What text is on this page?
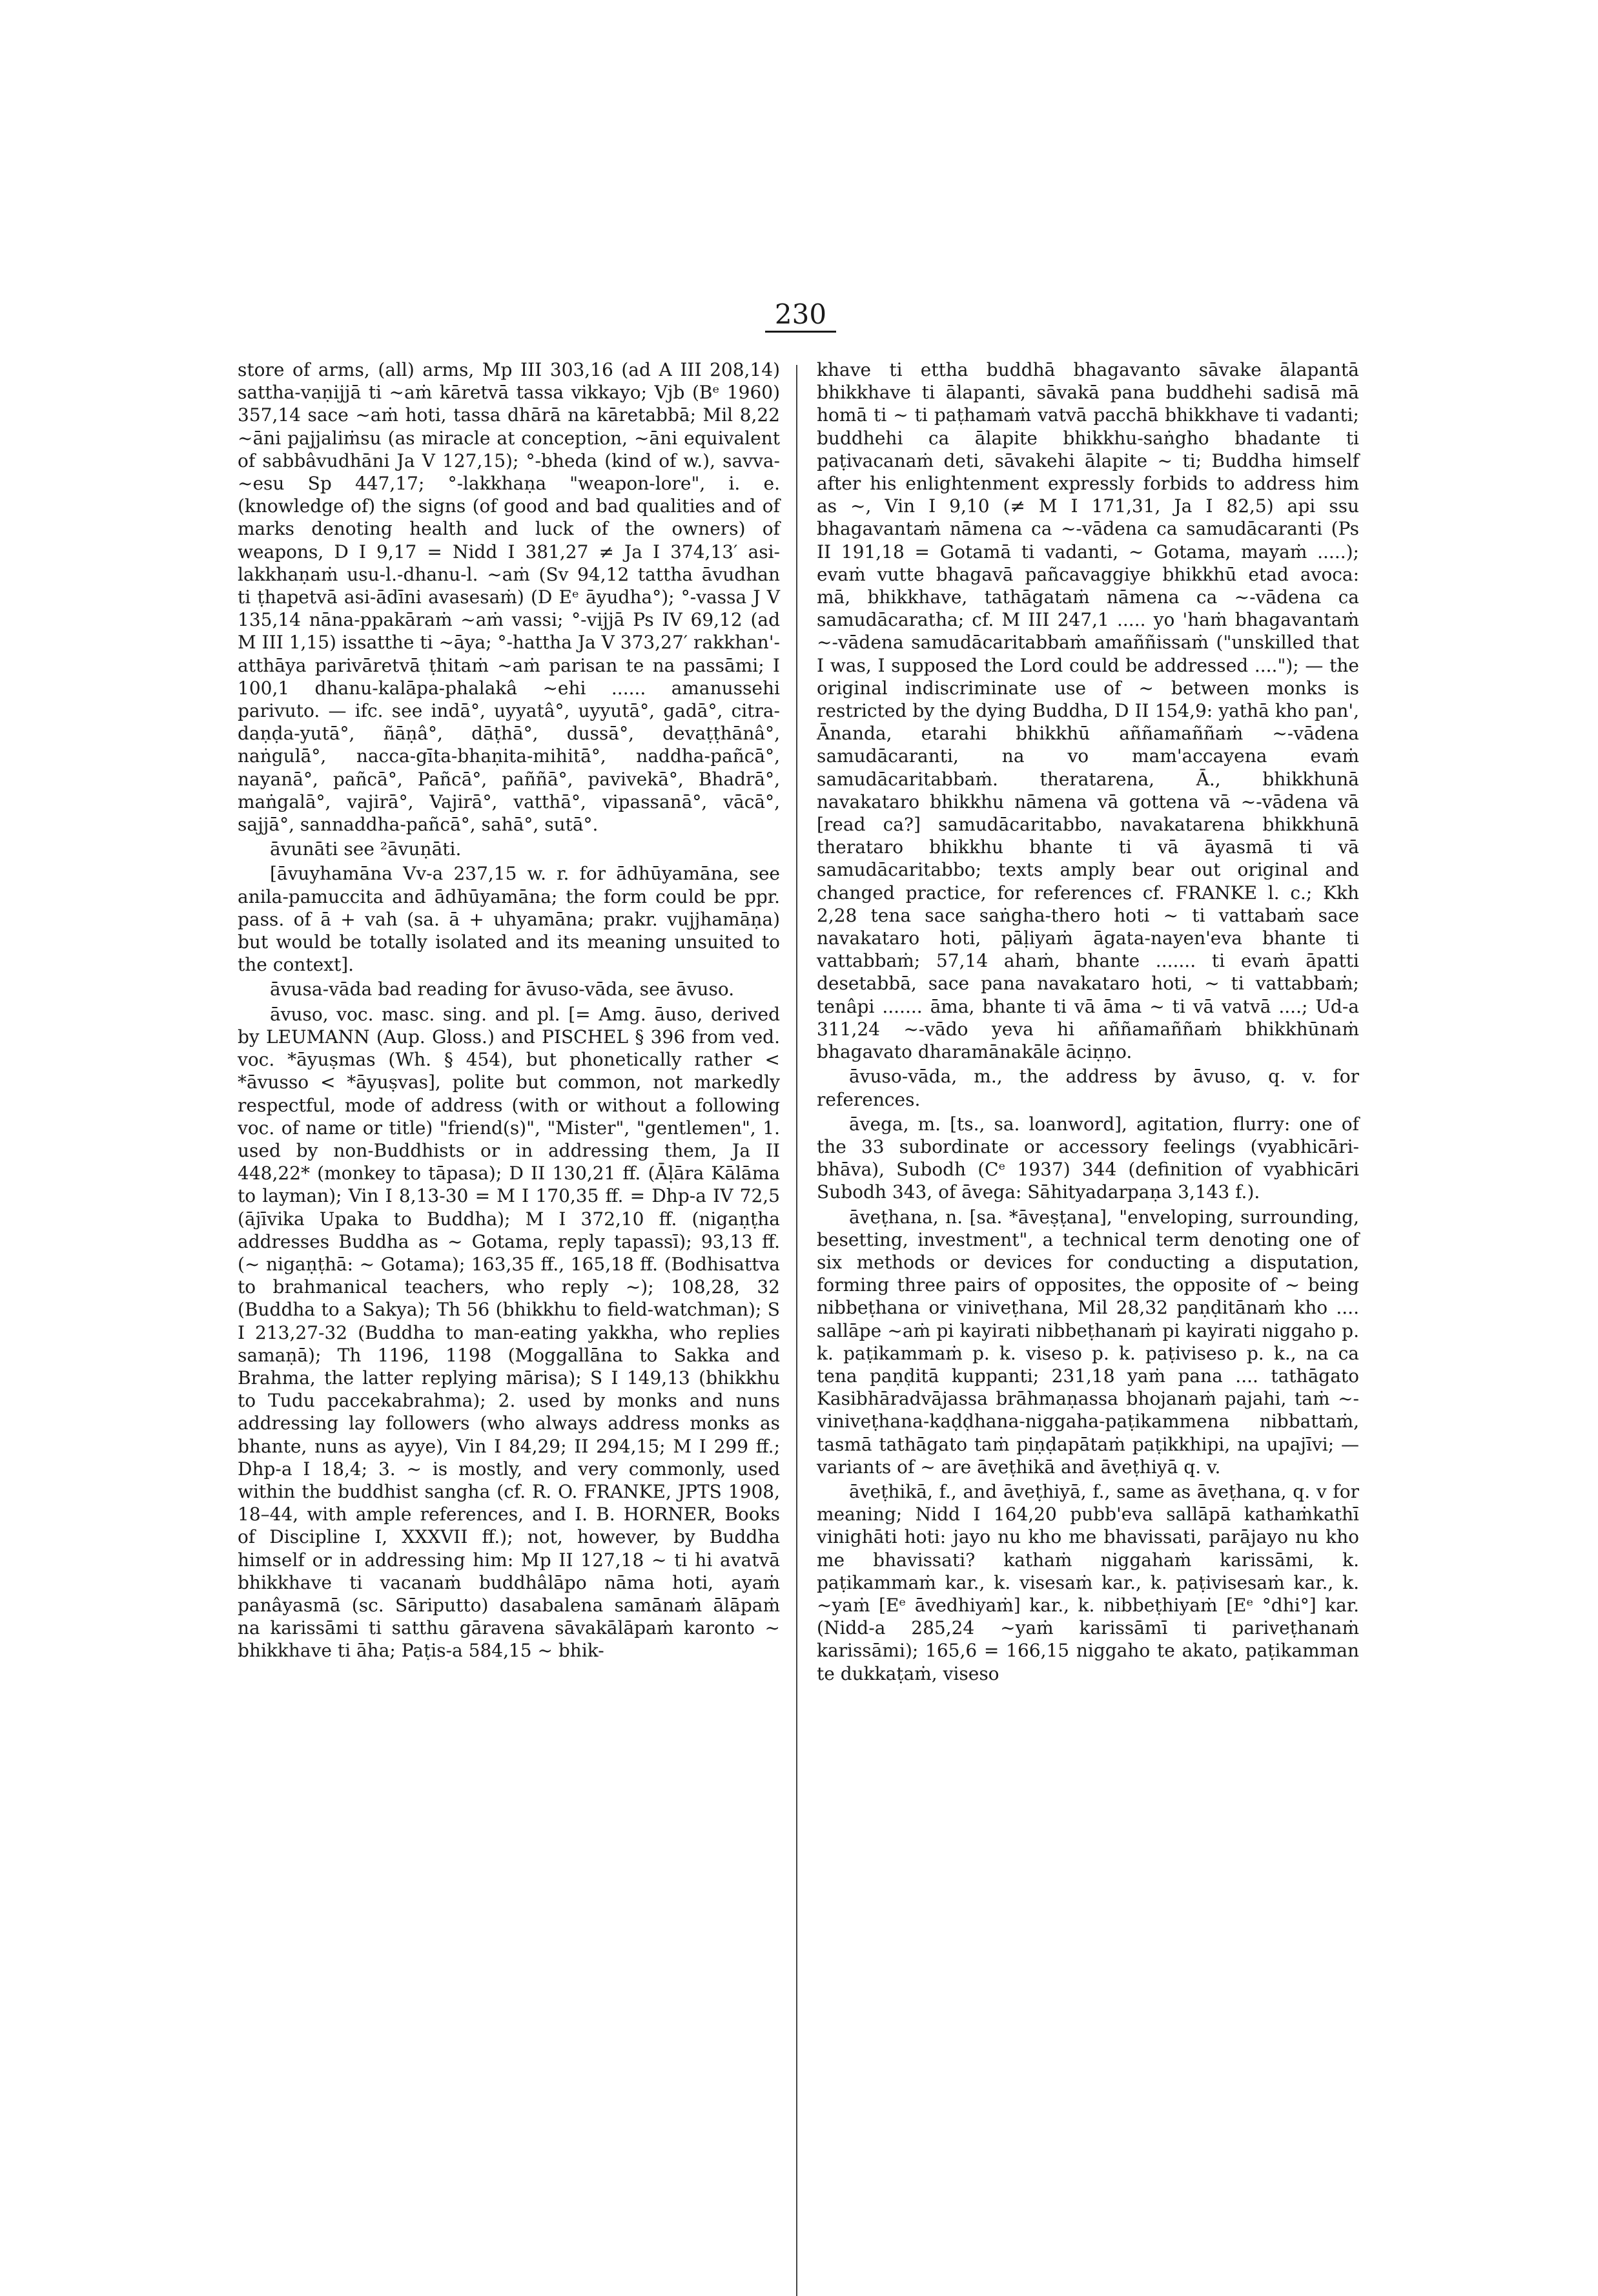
230

store of arms, (all) arms, Mp III 303,16 (ad A III 208,14) sattha-vaṇijjā ti ~aṁ kāretvā tassa vikkayo; Vjb (Bᵉ 1960) 357,14 sace ~aṁ hoti, tassa dhārā na kāretabbā; Mil 8,22 ~āni pajjaliṁsu (as miracle at conception, ~āni equivalent of sabbâvudhāni Ja V 127,15); °-bheda (kind of w.), savva-~esu Sp 447,17; °-lakkhaṇa "weapon-lore", i. e. (knowledge of) the signs (of good and bad qualities and of marks denoting health and luck of the owners) of weapons, D I 9,17 = Nidd I 381,27 ≠ Ja I 374,13′ asi-lakkhaṇaṁ usu-l.-dhanu-l. ~aṁ (Sv 94,12 tattha āvudhan ti ṭhapetvā asi-ādīni avasesaṁ) (D Eᵉ āyudha°); °-vassa J V 135,14 nāna-ppakāraṁ ~aṁ vassi; °-vijjā Ps IV 69,12 (ad M III 1,15) issatthe ti ~āya; °-hattha Ja V 373,27′ rakkhan'-atthāya parivāretvā ṭhitaṁ ~aṁ parisan te na passāmi; I 100,1 dhanu-kalāpa-phalakâ ~ehi ...... amanussehi parivuto. — ifc. see indā°, uyyatâ°, uyyutā°, gadā°, citra-daṇḍa-yutā°, ñāṇâ°, dāṭhā°, dussā°, devaṭṭhānâ°, naṅgulā°, nacca-gīta-bhaṇita-mihitā°, naddha-pañcā°, nayanā°, pañcā°, Pañcā°, paññā°, pavivekā°, Bhadrā°, maṅgalā°, vajirā°, Vajirā°, vatthā°, vipassanā°, vācā°, sajjā°, sannaddha-pañcā°, sahā°, sutā°.

āvunāti see ²āvuṇāti.

[āvuyhamāna Vv-a 237,15 w. r. for ādhūyamāna, see anila-pamuccita and ādhūyamāna; the form could be ppr. pass. of ā + vah (sa. ā + uhyamāna; prakr. vujjhamāṇa) but would be totally isolated and its meaning unsuited to the context].

āvusa-vāda bad reading for āvuso-vāda, see āvuso.

āvuso, voc. masc. sing. and pl. [= Amg. āuso, derived by LEUMANN (Aup. Gloss.) and PISCHEL § 396 from ved. voc. *āyuṣmas (Wh. § 454), but phonetically rather < *āvusso < *āyuṣvas], polite but common, not markedly respectful, mode of address (with or without a following voc. of name or title) "friend(s)", "Mister", "gentlemen", 1. used by non-Buddhists or in addressing them, Ja II 448,22* (monkey to tāpasa); D II 130,21 ff. (Āḷāra Kālāma to layman); Vin I 8,13-30 = M I 170,35 ff. = Dhp-a IV 72,5 (ājīvika Upaka to Buddha); M I 372,10 ff. (nigaṇṭha addresses Buddha as ~ Gotama, reply tapassī); 93,13 ff. (~ nigaṇṭhā: ~ Gotama); 163,35 ff., 165,18 ff. (Bodhisattva to brahmanical teachers, who reply ~); 108,28, 32 (Buddha to a Sakya); Th 56 (bhikkhu to field-watchman); S I 213,27-32 (Buddha to man-eating yakkha, who replies samaṇā); Th 1196, 1198 (Moggallāna to Sakka and Brahma, the latter replying mārisa); S I 149,13 (bhikkhu to Tudu paccekabrahma); 2. used by monks and nuns addressing lay followers (who always address monks as bhante, nuns as ayye), Vin I 84,29; II 294,15; M I 299 ff.; Dhp-a I 18,4; 3. ~ is mostly, and very commonly, used within the buddhist sangha (cf. R. O. FRANKE, JPTS 1908, 18–44, with ample references, and I. B. HORNER, Books of Discipline I, XXXVII ff.); not, however, by Buddha himself or in addressing him: Mp II 127,18 ~ ti hi avatvā bhikkhave ti vacanaṁ buddhâlāpo nāma hoti, ayaṁ panâyasmā (sc. Sāriputto) dasabalena samānaṁ ālāpaṁ na karissāmi ti satthu gāravena sāvakālāpaṁ karonto ~ bhikkhave ti āha; Paṭis-a 584,15 ~ bhik-

khave ti ettha buddhā bhagavanto sāvake ālapantā bhikkhave ti ālapanti, sāvakā pana buddhehi sadisā mā homā ti ~ ti paṭhamaṁ vatvā pacchā bhikkhave ti vadanti; buddhehi ca ālapite bhikkhu-saṅgho bhadante ti paṭivacanaṁ deti, sāvakehi ālapite ~ ti; Buddha himself after his enlightenment expressly forbids to address him as ~, Vin I 9,10 (≠ M I 171,31, Ja I 82,5) api ssu bhagavantaṁ nāmena ca ~-vādena ca samudācaranti (Ps II 191,18 = Gotamā ti vadanti, ~ Gotama, mayaṁ .....); evaṁ vutte bhagavā pañcavaggiye bhikkhū etad avoca: mā, bhikkhave, tathāgataṁ nāmena ca ~-vādena ca samudācaratha; cf. M III 247,1 ..... yo 'haṁ bhagavantaṁ ~-vādena samudācaritabbaṁ amaññissaṁ ("unskilled that I was, I supposed the Lord could be addressed ...."); — the original indiscriminate use of ~ between monks is restricted by the dying Buddha, D II 154,9: yathā kho pan', Ānanda, etarahi bhikkhū aññamaññaṁ ~-vādena samudācaranti, na vo mam'accayena evaṁ samudācaritabbaṁ. theratarena, Ā., bhikkhunā navakataro bhikkhu nāmena vā gottena vā ~-vādena vā [read ca?] samudācaritabbo, navakatarena bhikkhunā therataro bhikkhu bhante ti vā āyasmā ti vā samudācaritabbo; texts amply bear out original and changed practice, for references cf. FRANKE l. c.; Kkh 2,28 tena sace saṅgha-thero hoti ~ ti vattabaṁ sace navakataro hoti, pāḷiyaṁ āgata-nayen'eva bhante ti vattabbaṁ; 57,14 ahaṁ, bhante ....... ti evaṁ āpatti desetabbā, sace pana navakataro hoti, ~ ti vattabbaṁ; tenâpi ....... āma, bhante ti vā āma ~ ti vā vatvā ....; Ud-a 311,24 ~-vādo yeva hi aññamaññaṁ bhikkhūnaṁ bhagavato dharamānakāle āciṇṇo.

āvuso-vāda, m., the address by āvuso, q. v. for references.

āvega, m. [ts., sa. loanword], agitation, flurry: one of the 33 subordinate or accessory feelings (vyabhicāri-bhāva), Subodh (Cᵉ 1937) 344 (definition of vyabhicāri Subodh 343, of āvega: Sāhityadarpaṇa 3,143 f.).

āveṭhana, n. [sa. *āveṣṭana], "enveloping, surrounding, besetting, investment", a technical term denoting one of six methods or devices for conducting a disputation, forming three pairs of opposites, the opposite of ~ being nibbeṭhana or viniveṭhana, Mil 28,32 paṇḍitānaṁ kho .... sallāpe ~aṁ pi kayirati nibbeṭhanaṁ pi kayirati niggaho p. k. paṭikammaṁ p. k. viseso p. k. paṭiviseso p. k., na ca tena paṇḍitā kuppanti; 231,18 yaṁ pana .... tathāgato Kasibhāradvājassa brāhmaṇassa bhojanaṁ pajahi, taṁ ~-viniveṭhana-kaḍḍhana-niggaha-paṭikammena nibbattaṁ, tasmā tathāgato taṁ piṇḍapātaṁ paṭikkhipi, na upajīvi; — variants of ~ are āveṭhikā and āveṭhiyā q. v.

āveṭhikā, f., and āveṭhiyā, f., same as āveṭhana, q. v for meaning; Nidd I 164,20 pubb'eva sallāpā kathaṁkathī vinighāti hoti: jayo nu kho me bhavissati, parājayo nu kho me bhavissati? kathaṁ niggahaṁ karissāmi, k. paṭikammaṁ kar., k. visesaṁ kar., k. paṭivisesaṁ kar., k. ~yaṁ [Eᵉ āvedhiyaṁ] kar., k. nibbeṭhiyaṁ [Eᵉ °dhi°] kar. (Nidd-a 285,24 ~yaṁ karissāmī ti pariveṭhanaṁ karissāmi); 165,6 = 166,15 niggaho te akato, paṭikamman te dukkaṭaṁ, viseso
